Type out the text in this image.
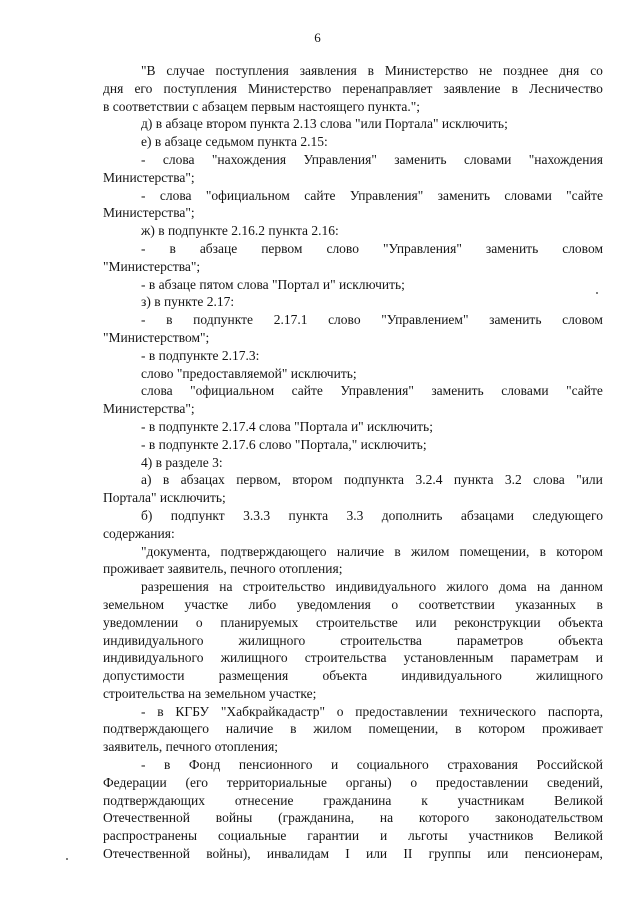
6
"В случае поступления заявления в Министерство не позднее дня со
дня его поступления Министерство перенаправляет заявление в Лесничество
в соответствии с абзацем первым настоящего пункта.";
д) в абзаце втором пункта 2.13 слова "или Портала" исключить;
е) в абзаце седьмом пункта 2.15:
- слова "нахождения Управления" заменить словами "нахождения
Министерства";
- слова "официальном сайте Управления" заменить словами "сайте
Министерства";
ж) в подпункте 2.16.2 пункта 2.16:
- в абзаце первом слово "Управления" заменить словом
"Министерства";
- в абзаце пятом слова "Портал и" исключить;
з) в пункте 2.17:
- в подпункте 2.17.1 слово "Управлением" заменить словом
"Министерством";
- в подпункте 2.17.3:
слово "предоставляемой" исключить;
слова "официальном сайте Управления" заменить словами "сайте
Министерства";
- в подпункте 2.17.4 слова "Портала и" исключить;
- в подпункте 2.17.6 слово "Портала," исключить;
4) в разделе 3:
а) в абзацах первом, втором подпункта 3.2.4 пункта 3.2 слова "или
Портала" исключить;
б) подпункт 3.3.3 пункта 3.3 дополнить абзацами следующего
содержания:
"документа, подтверждающего наличие в жилом помещении, в котором
проживает заявитель, печного отопления;
разрешения на строительство индивидуального жилого дома на данном
земельном участке либо уведомления о соответствии указанных в
уведомлении о планируемых строительстве или реконструкции объекта
индивидуального	жилищного	строительства	параметров	объекта
индивидуального жилищного строительства установленным параметрам и
допустимости	размещения	объекта	индивидуального	жилищного
строительства на земельном участке;
- в КГБУ "Хабкрайкадастр" о предоставлении технического паспорта,
подтверждающего наличие в жилом помещении, в котором проживает
заявитель, печного отопления;
- в Фонд пенсионного и социального страхования Российской
Федерации (его территориальные органы) о предоставлении сведений,
подтверждающих отнесение гражданина к участникам Великой
Отечественной войны (гражданина, на которого законодательством
распространены социальные гарантии и льготы участников Великой
Отечественной войны), инвалидам I или II группы или пенсионерам,
